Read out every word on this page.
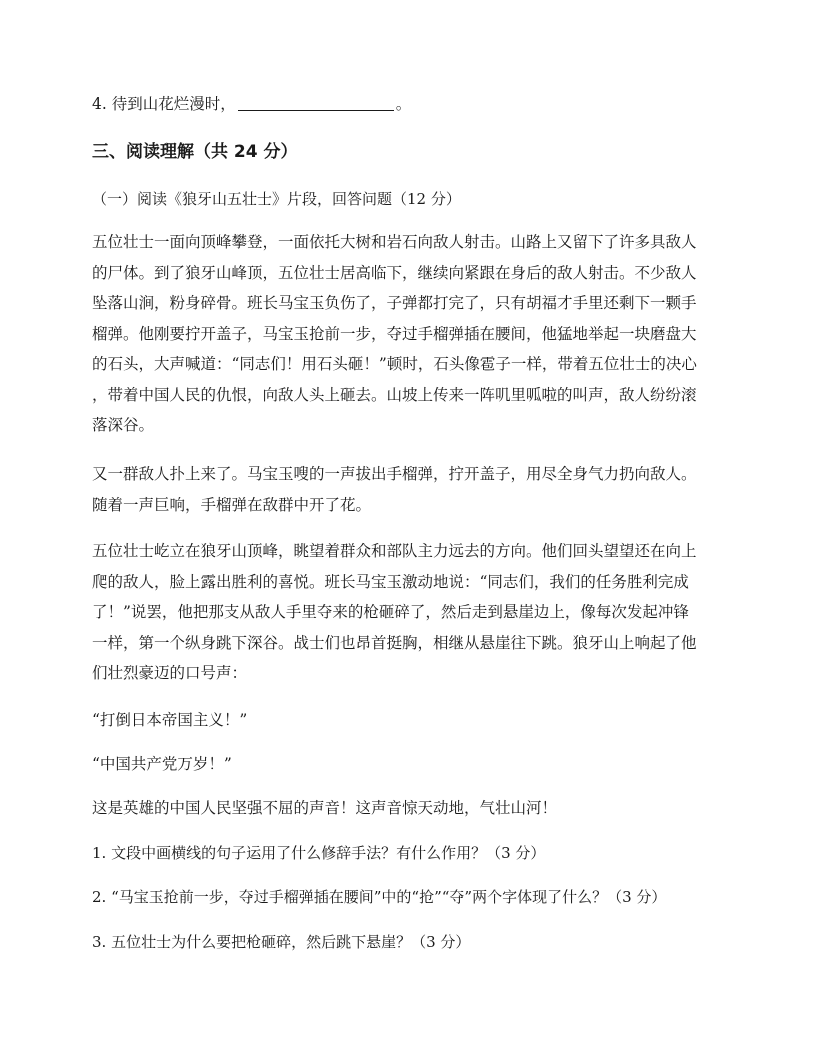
4. 待到山花烂漫时，	。
三、阅读理解（共 24 分）
（一）阅读《狼牙山五壮士》片段，回答问题（12 分）
五位壮士一面向顶峰攀登，一面依托大树和岩石向敌人射击。山路上又留下了许多具敌人
的尸体。到了狼牙山峰顶，五位壮士居高临下，继续向紧跟在身后的敌人射击。不少敌人
坠落山涧，粉身碎骨。班长马宝玉负伤了，子弹都打完了，只有胡福才手里还剩下一颗手
榴弹。他刚要拧开盖子，马宝玉抢前一步，夺过手榴弹插在腰间，他猛地举起一块磨盘大
的石头，大声喊道：“同志们！用石头砸！”顿时，石头像雹子一样，带着五位壮士的决心
，带着中国人民的仇恨，向敌人头上砸去。山坡上传来一阵叽里呱啦的叫声，敌人纷纷滚
落深谷。
又一群敌人扑上来了。马宝玉嗖的一声拔出手榴弹，拧开盖子，用尽全身气力扔向敌人。
随着一声巨响，手榴弹在敌群中开了花。
五位壮士屹立在狼牙山顶峰，眺望着群众和部队主力远去的方向。他们回头望望还在向上
爬的敌人，脸上露出胜利的喜悦。班长马宝玉激动地说：“同志们，我们的任务胜利完成
了！”说罢，他把那支从敌人手里夺来的枪砸碎了，然后走到悬崖边上，像每次发起冲锋
一样，第一个纵身跳下深谷。战士们也昂首挺胸，相继从悬崖往下跳。狼牙山上响起了他
们壮烈豪迈的口号声：
“打倒日本帝国主义！”
“中国共产党万岁！”
这是英雄的中国人民坚强不屈的声音！这声音惊天动地，气壮山河！
1. 文段中画横线的句子运用了什么修辞手法？有什么作用？（3 分）
2. “马宝玉抢前一步，夺过手榴弹插在腰间”中的“抢”“夺”两个字体现了什么？（3 分）
3. 五位壮士为什么要把枪砸碎，然后跳下悬崖？（3 分）
